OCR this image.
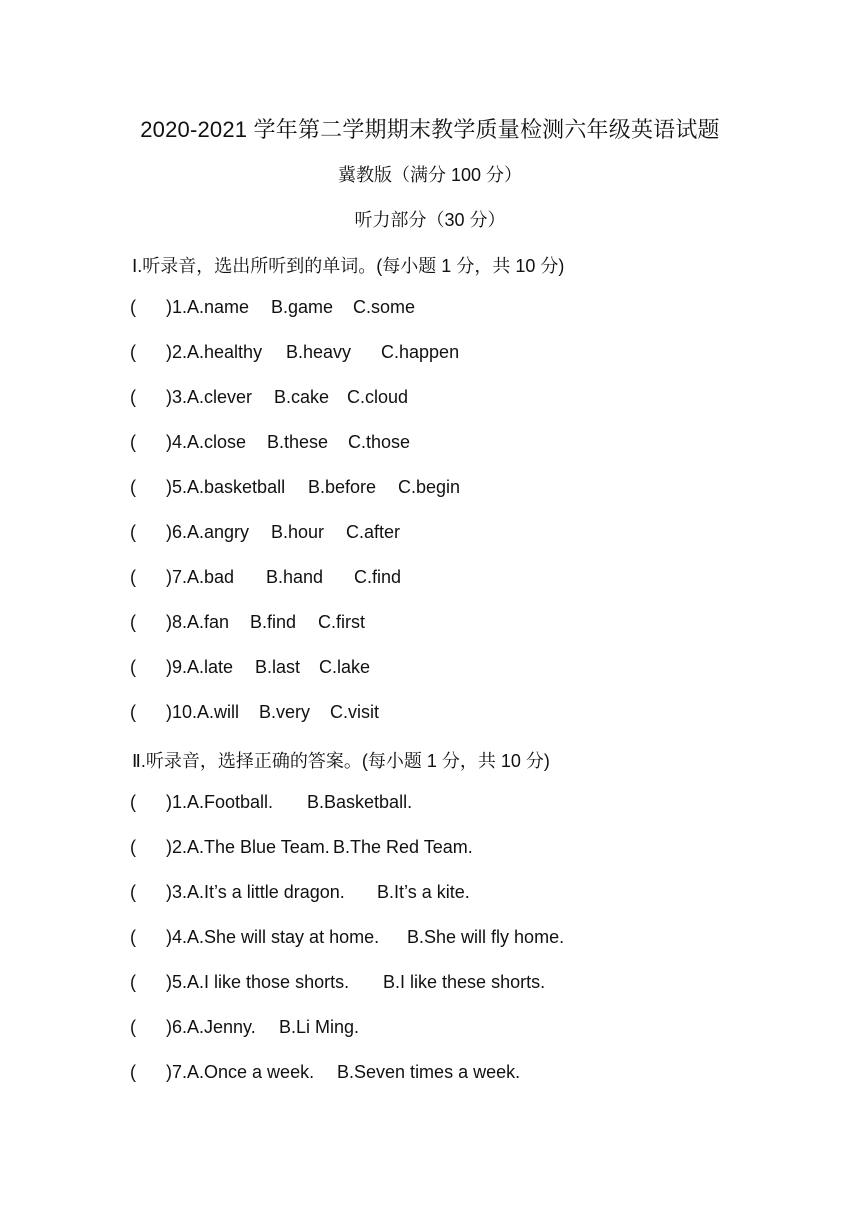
2020-2021 学年第二学期期末教学质量检测六年级英语试题
冀教版（满分 100 分）
听力部分（30 分）
Ⅰ.听录音，选出所听到的单词。(每小题 1 分，共 10 分)
( ) 1.A.name B.game C.some
( ) 2.A.healthy B.heavy C.happen
( ) 3.A.clever B.cake C.cloud
( ) 4.A.close B.these C.those
( ) 5.A.basketball B.before C.begin
( ) 6.A.angry B.hour C.after
( ) 7.A.bad B.hand C.find
( ) 8.A.fan B.find C.first
( ) 9.A.late B.last C.lake
( ) 10.A.will B.very C.visit
Ⅱ.听录音，选择正确的答案。(每小题 1 分，共 10 分)
( ) 1.A.Football. B.Basketball.
( ) 2.A.The Blue Team. B.The Red Team.
( ) 3.A.It’s a little dragon. B.It’s a kite.
( ) 4.A.She will stay at home. B.She will fly home.
( ) 5.A.I like those shorts. B.I like these shorts.
( ) 6.A.Jenny. B.Li Ming.
( ) 7.A.Once a week. B.Seven times a week.
